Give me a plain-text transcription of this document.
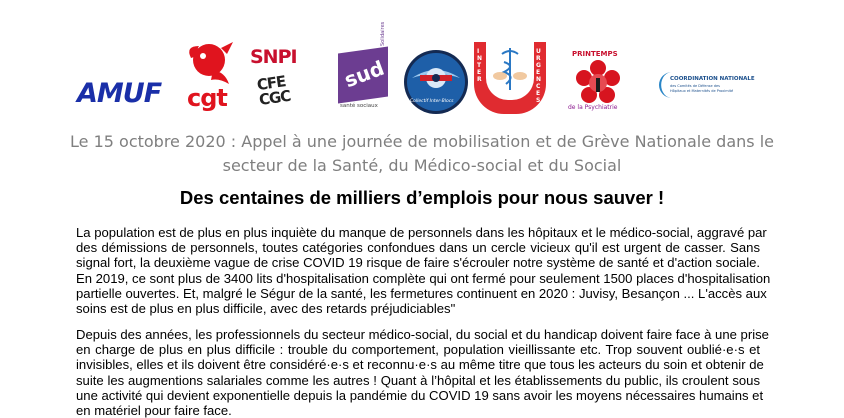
AMUF	cgt
SNPI
CFE CGC
sud
Solidaires
santé sociaux
Collectif Inter-Blocs
INTER
URGENCES
PRINTEMPS
de la Psychiatrie
COORDINATION NATIONALE
des Comités de Défense des Hôpitaux et Maternités de Proximité
Le 15 octobre 2020 : Appel à une journée de mobilisation et de Grève Nationale dans le
secteur de la Santé, du Médico-social et du Social
Des centaines de milliers d’emplois pour nous sauver !
La population est de plus en plus inquiète du manque de personnels dans les hôpitaux et le médico-social, aggravé par
des démissions de personnels, toutes catégories confondues dans un cercle vicieux qu'il est urgent de casser. Sans
signal fort, la deuxième vague de crise COVID 19 risque de faire s'écrouler notre système de santé et d'action sociale.
En 2019, ce sont plus de 3400 lits d'hospitalisation complète qui ont fermé pour seulement 1500 places d'hospitalisation
partielle ouvertes. Et, malgré le Ségur de la santé, les fermetures continuent en 2020 : Juvisy, Besançon ... L'accès aux
soins est de plus en plus difficile, avec des retards préjudiciables"
Depuis des années, les professionnels du secteur médico-social, du social et du handicap doivent faire face à une prise
en charge de plus en plus difficile : trouble du comportement, population vieillissante etc. Trop souvent oublié·e·s et
invisibles, elles et ils doivent être considéré·e·s et reconnu·e·s au même titre que tous les acteurs du soin et obtenir de
suite les augmentions salariales comme les autres ! Quant à l’hôpital et les établissements du public, ils croulent sous
une activité qui devient exponentielle depuis la pandémie du COVID 19 sans avoir les moyens nécessaires humains et
en matériel pour faire face.
